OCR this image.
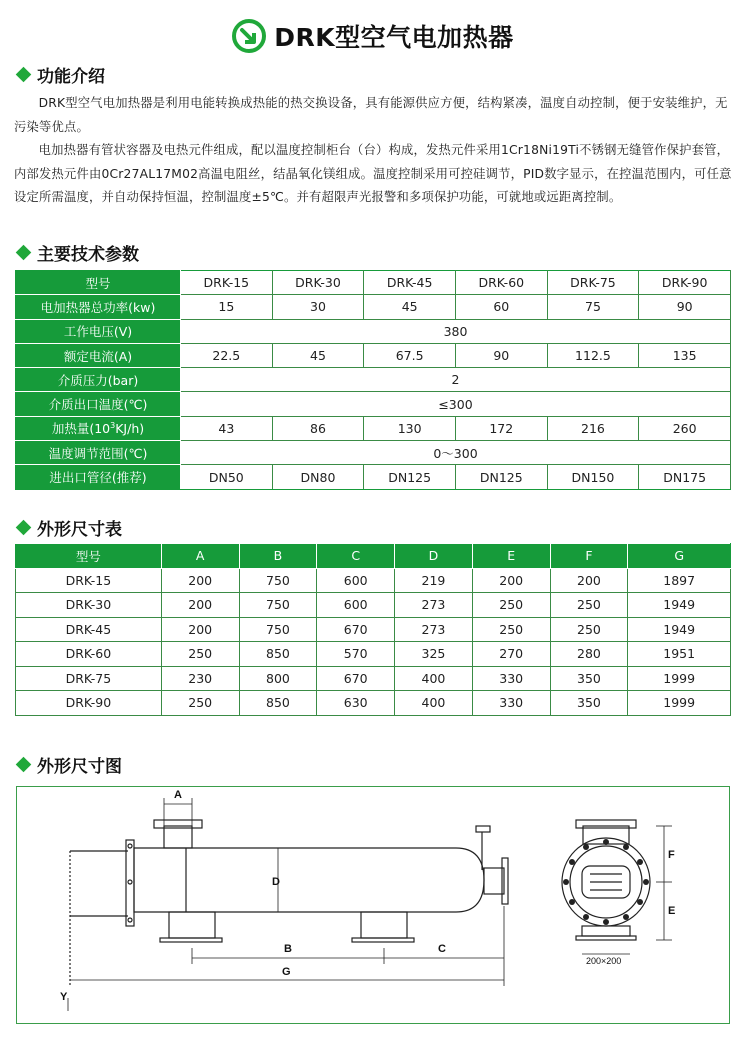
DRK型空气电加热器
功能介绍

DRK型空气电加热器是利用电能转换成热能的热交换设备，具有能源供应方便，结构紧凑，温度自动控制，便于安装维护，无污染等优点。

电加热器有管状容器及电热元件组成，配以温度控制柜台（台）构成，发热元件采用1Cr18Ni19Ti不锈钢无缝管作保护套管，内部发热元件由0Cr27AL17M02高温电阻丝，结晶氧化镁组成。温度控制采用可控硅调节，PID数字显示，在控温范围内，可任意设定所需温度，并自动保持恒温，控制温度±5℃。并有超限声光报警和多项保护功能，可就地或远距离控制。

主要技术参数
型号	DRK-15	DRK-30	DRK-45	DRK-60	DRK-75	DRK-90
电加热器总功率(kw)	15	30	45	60	75	90
工作电压(V)	380					
额定电流(A)	22.5	45	67.5	90	112.5	135
介质压力(bar)	2					
介质出口温度(℃)	≤300					
加热量$(10^3KJ/h)$	43	86	130	172	216	260
温度调节范围(℃)	0～300					
进出口管径(推荐)	DN50	DN80	DN125	DN125	DN150	DN175
外形尺寸表
型号	A	B	C	D	E	F	G
DRK-15	200	750	600	219	200	200	1897
DRK-30	200	750	600	273	250	250	1949
DRK-45	200	750	670	273	250	250	1949
DRK-60	250	850	570	325	270	280	1951
DRK-75	230	800	670	400	330	350	1999
DRK-90	250	850	630	400	330	350	1999
外形尺寸图
A
D
B	C
G
Y
F
E
200×200
